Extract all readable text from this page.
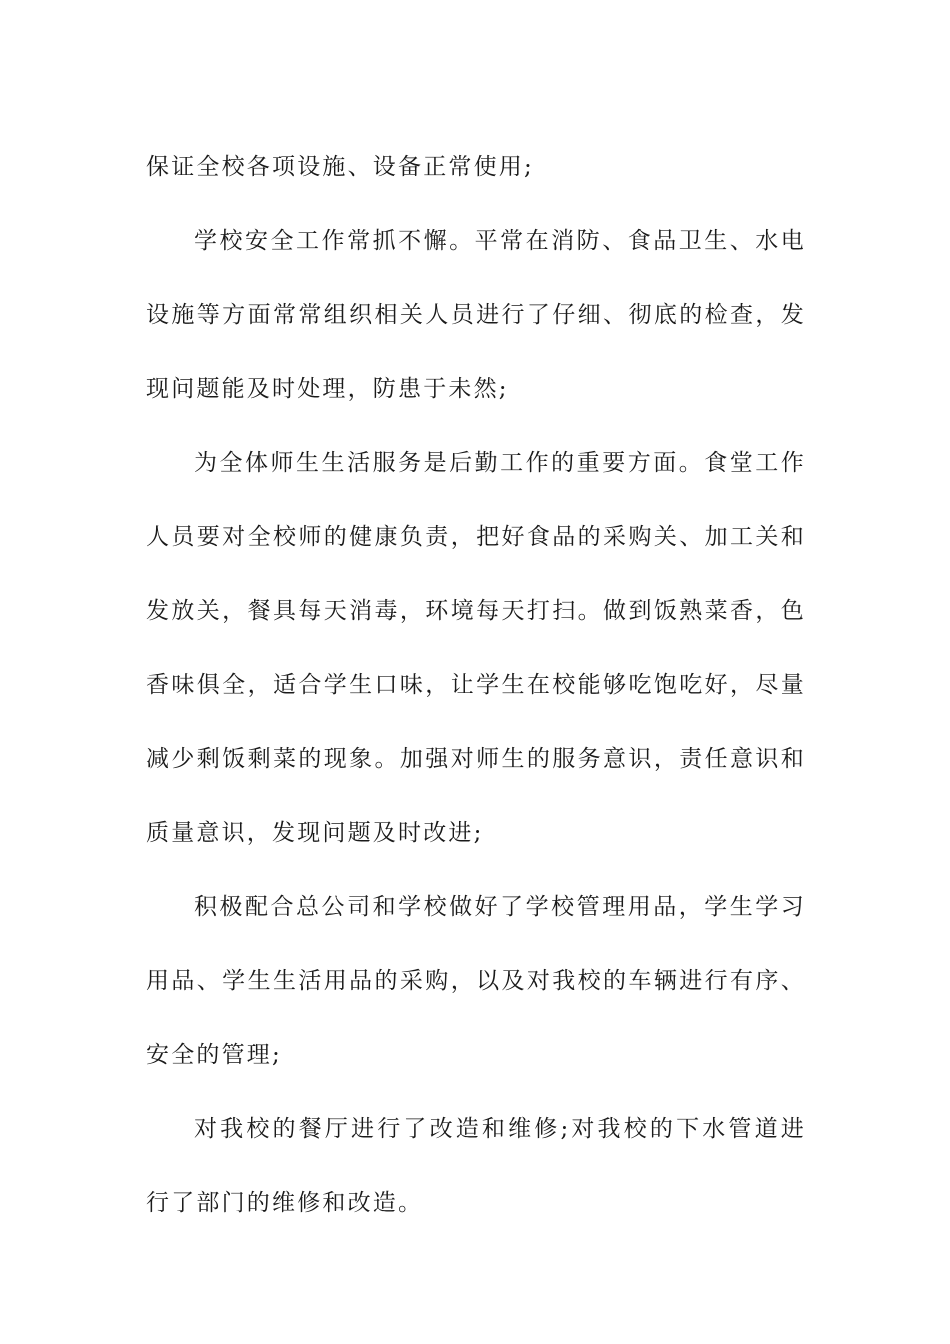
保证全校各项设施、设备正常使用;

学校安全工作常抓不懈。平常在消防、食品卫生、水电设施等方面常常组织相关人员进行了仔细、彻底的检查，发现问题能及时处理，防患于未然;

为全体师生生活服务是后勤工作的重要方面。食堂工作人员要对全校师的健康负责，把好食品的采购关、加工关和发放关，餐具每天消毒，环境每天打扫。做到饭熟菜香，色香味俱全，适合学生口味，让学生在校能够吃饱吃好，尽量减少剩饭剩菜的现象。加强对师生的服务意识，责任意识和质量意识，发现问题及时改进;

积极配合总公司和学校做好了学校管理用品，学生学习用品、学生生活用品的采购，以及对我校的车辆进行有序、安全的管理;

对我校的餐厅进行了改造和维修;对我校的下水管道进行了部门的维修和改造。
